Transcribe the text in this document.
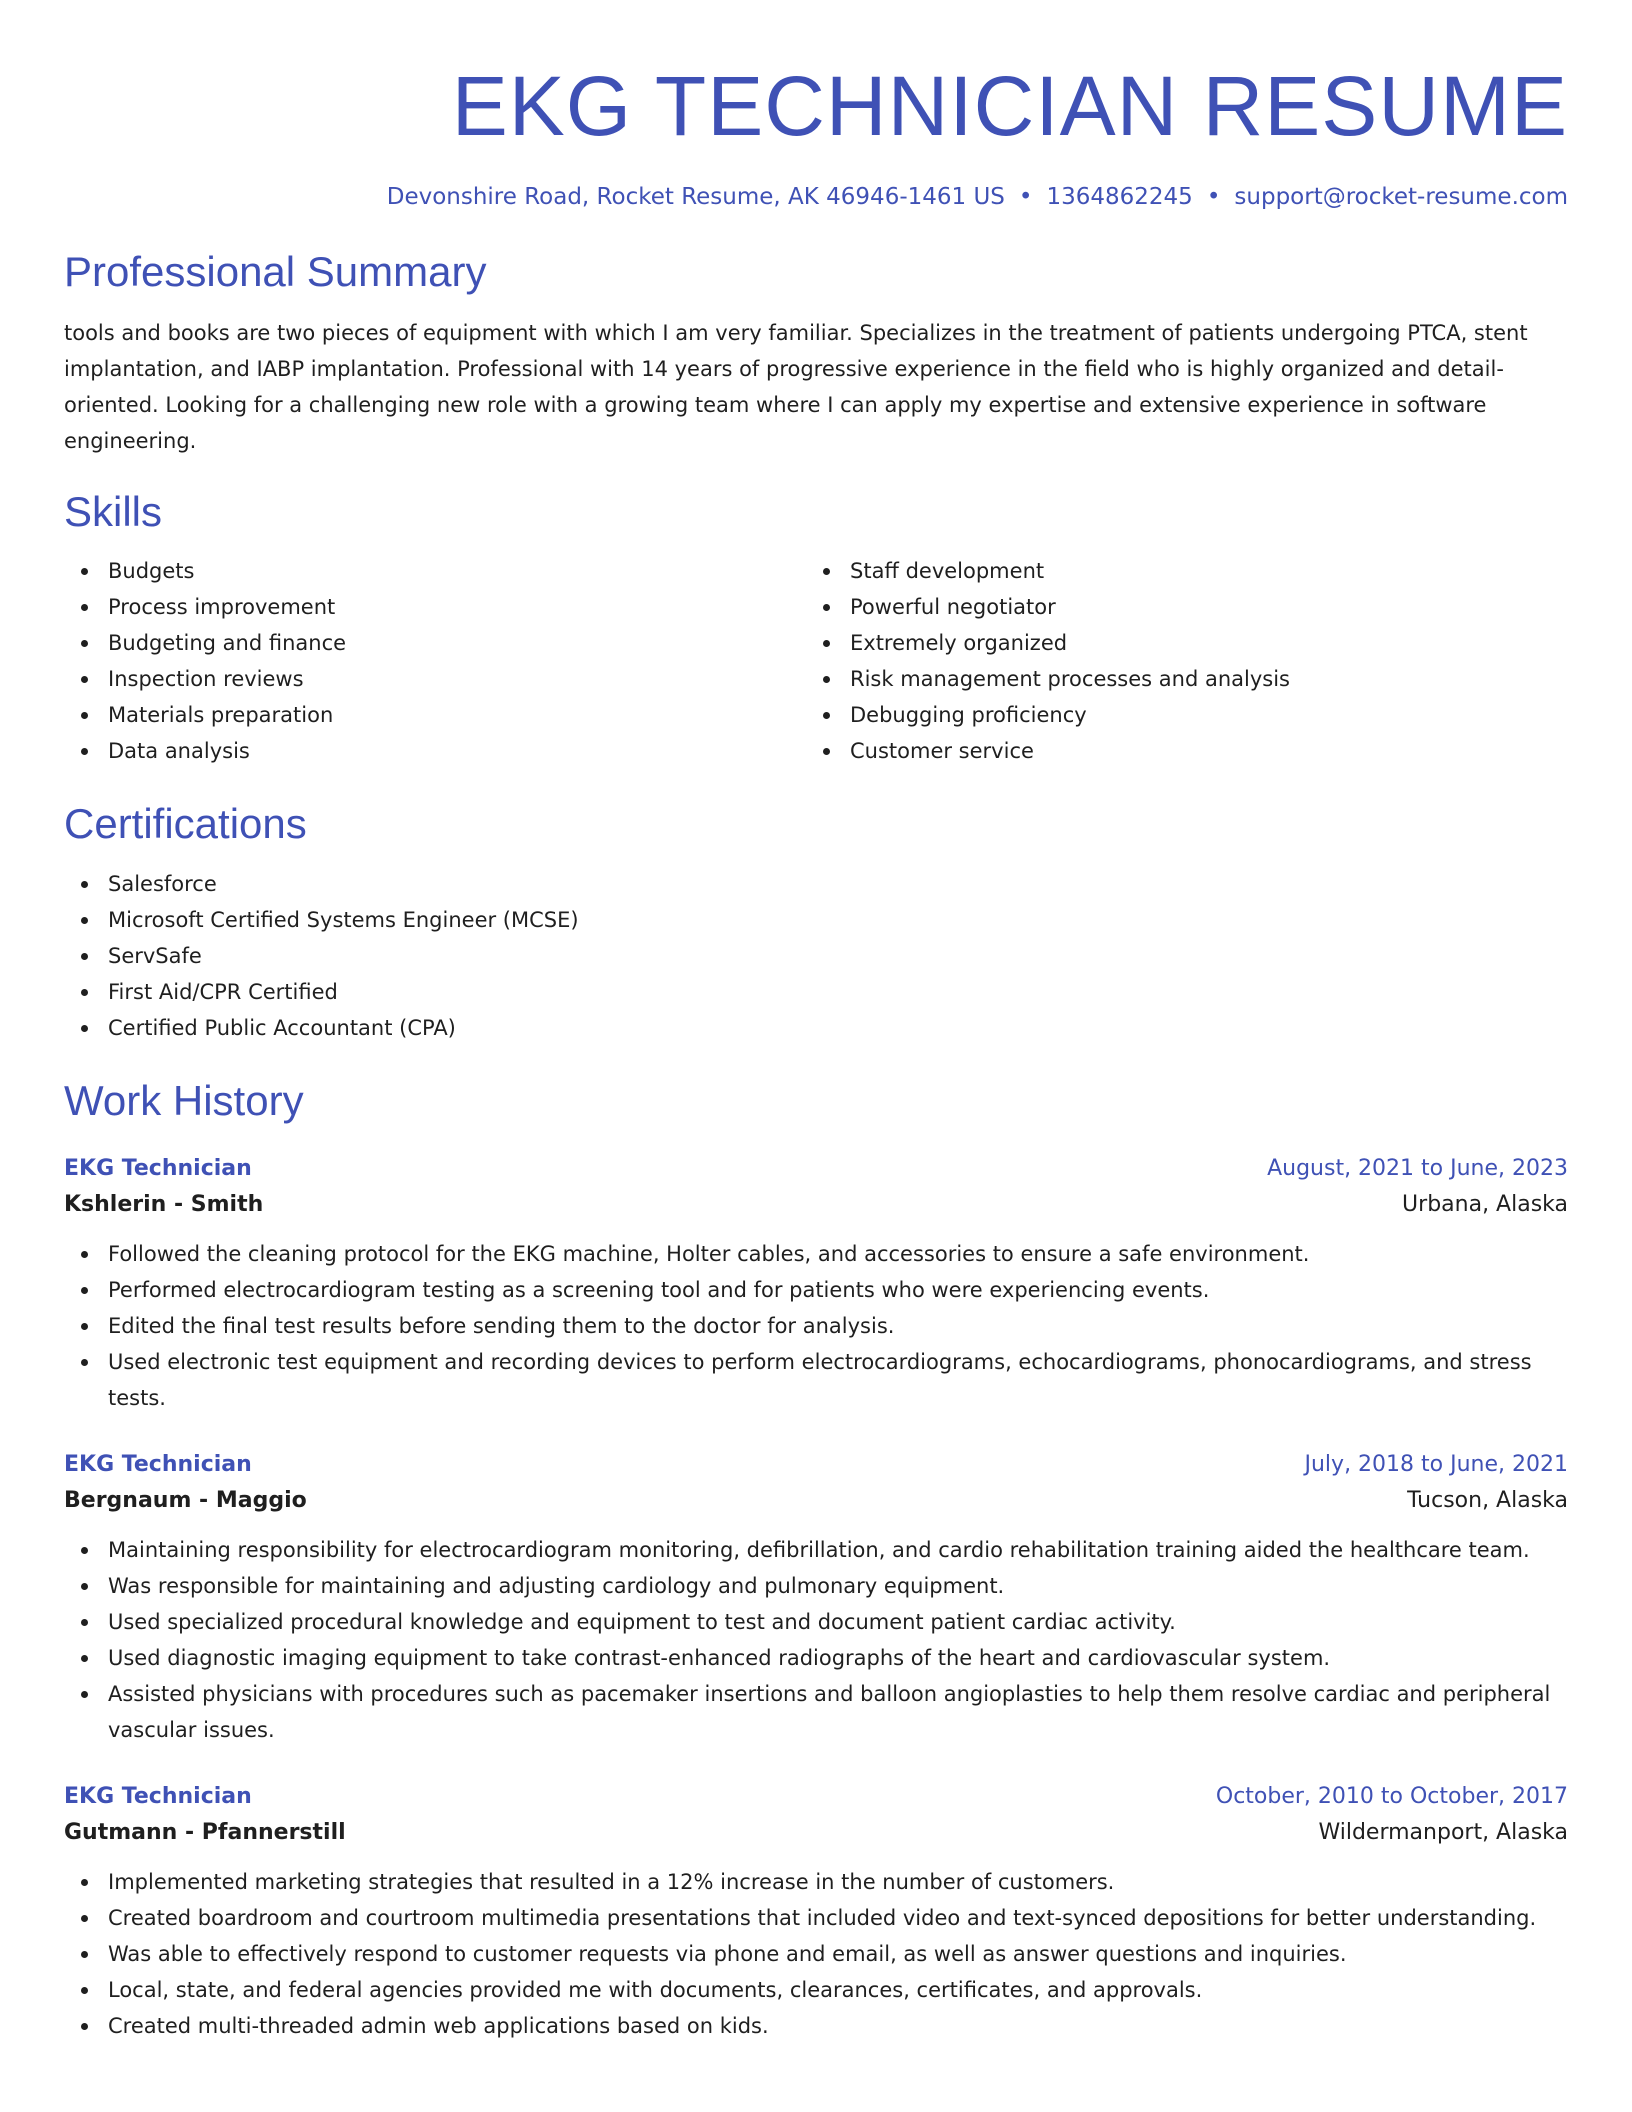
EKG TECHNICIAN RESUME
Devonshire Road, Rocket Resume, AK 46946-1461 US • 1364862245 • support@rocket-resume.com
Professional Summary
tools and books are two pieces of equipment with which I am very familiar. Specializes in the treatment of patients undergoing PTCA, stent implantation, and IABP implantation. Professional with 14 years of progressive experience in the field who is highly organized and detail-oriented. Looking for a challenging new role with a growing team where I can apply my expertise and extensive experience in software engineering.
Skills
Budgets
Process improvement
Budgeting and finance
Inspection reviews
Materials preparation
Data analysis
Staff development
Powerful negotiator
Extremely organized
Risk management processes and analysis
Debugging proficiency
Customer service
Certifications
Salesforce
Microsoft Certified Systems Engineer (MCSE)
ServSafe
First Aid/CPR Certified
Certified Public Accountant (CPA)
Work History
EKG Technician	August, 2021 to June, 2023
Kshlerin - Smith	Urbana, Alaska
Followed the cleaning protocol for the EKG machine, Holter cables, and accessories to ensure a safe environment.
Performed electrocardiogram testing as a screening tool and for patients who were experiencing events.
Edited the final test results before sending them to the doctor for analysis.
Used electronic test equipment and recording devices to perform electrocardiograms, echocardiograms, phonocardiograms, and stress tests.
EKG Technician	July, 2018 to June, 2021
Bergnaum - Maggio	Tucson, Alaska
Maintaining responsibility for electrocardiogram monitoring, defibrillation, and cardio rehabilitation training aided the healthcare team.
Was responsible for maintaining and adjusting cardiology and pulmonary equipment.
Used specialized procedural knowledge and equipment to test and document patient cardiac activity.
Used diagnostic imaging equipment to take contrast-enhanced radiographs of the heart and cardiovascular system.
Assisted physicians with procedures such as pacemaker insertions and balloon angioplasties to help them resolve cardiac and peripheral vascular issues.
EKG Technician	October, 2010 to October, 2017
Gutmann - Pfannerstill	Wildermanport, Alaska
Implemented marketing strategies that resulted in a 12% increase in the number of customers.
Created boardroom and courtroom multimedia presentations that included video and text-synced depositions for better understanding.
Was able to effectively respond to customer requests via phone and email, as well as answer questions and inquiries.
Local, state, and federal agencies provided me with documents, clearances, certificates, and approvals.
Created multi-threaded admin web applications based on kids.
